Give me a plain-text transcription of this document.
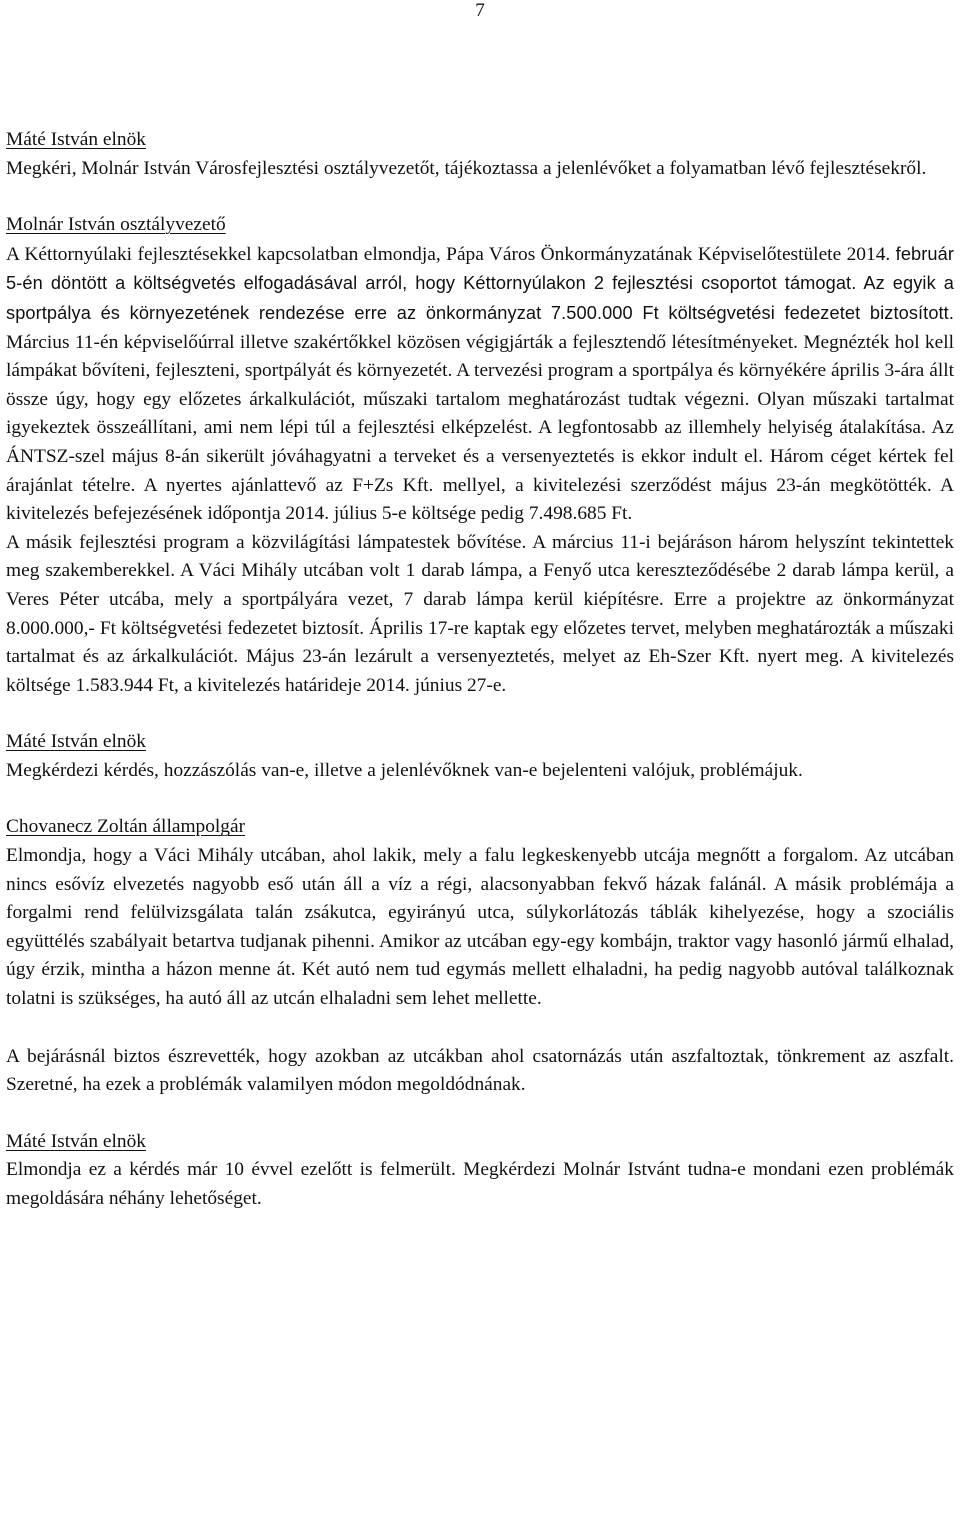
7
Máté István elnök

Megkéri, Molnár István Városfejlesztési osztályvezetőt, tájékoztassa a jelenlévőket a folyamatban lévő fejlesztésekről.

Molnár István osztályvezető

A Kéttornyúlaki fejlesztésekkel kapcsolatban elmondja, Pápa Város Önkormányzatának Képviselőtestülete 2014. február 5-én döntött a költségvetés elfogadásával arról, hogy Kéttornyúlakon 2 fejlesztési csoportot támogat. Az egyik a sportpálya és környezetének rendezése erre az önkormányzat 7.500.000 Ft költségvetési fedezetet biztosított. Március 11-én képviselőúrral illetve szakértőkkel közösen végigjárták a fejlesztendő létesítményeket. Megnézték hol kell lámpákat bővíteni, fejleszteni, sportpályát és környezetét. A tervezési program a sportpálya és környékére április 3-ára állt össze úgy, hogy egy előzetes árkalkulációt, műszaki tartalom meghatározást tudtak végezni. Olyan műszaki tartalmat igyekeztek összeállítani, ami nem lépi túl a fejlesztési elképzelést. A legfontosabb az illemhely helyiség átalakítása. Az ÁNTSZ-szel május 8-án sikerült jóváhagyatni a terveket és a versenyeztetés is ekkor indult el. Három céget kértek fel árajánlat tételre. A nyertes ajánlattevő az F+Zs Kft. mellyel, a kivitelezési szerződést május 23-án megkötötték. A kivitelezés befejezésének időpontja 2014. július 5-e költsége pedig 7.498.685 Ft.

A másik fejlesztési program a közvilágítási lámpatestek bővítése. A március 11-i bejáráson három helyszínt tekintettek meg szakemberekkel. A Váci Mihály utcában volt 1 darab lámpa, a Fenyő utca kereszteződésébe 2 darab lámpa kerül, a Veres Péter utcába, mely a sportpályára vezet, 7 darab lámpa kerül kiépítésre. Erre a projektre az önkormányzat 8.000.000,- Ft költségvetési fedezetet biztosít. Április 17-re kaptak egy előzetes tervet, melyben meghatározták a műszaki tartalmat és az árkalkulációt. Május 23-án lezárult a versenyeztetés, melyet az Eh-Szer Kft. nyert meg. A kivitelezés költsége 1.583.944 Ft, a kivitelezés határideje 2014. június 27-e.

Máté István elnök

Megkérdezi kérdés, hozzászólás van-e, illetve a jelenlévőknek van-e bejelenteni valójuk, problémájuk.

Chovanecz Zoltán állampolgár

Elmondja, hogy a Váci Mihály utcában, ahol lakik, mely a falu legkeskenyebb utcája megnőtt a forgalom. Az utcában nincs esővíz elvezetés nagyobb eső után áll a víz a régi, alacsonyabban fekvő házak falánál. A másik problémája a forgalmi rend felülvizsgálata talán zsákutca, egyirányú utca, súlykorlátozás táblák kihelyezése, hogy a szociális együttélés szabályait betartva tudjanak pihenni. Amikor az utcában egy-egy kombájn, traktor vagy hasonló jármű elhalad, úgy érzik, mintha a házon menne át. Két autó nem tud egymás mellett elhaladni, ha pedig nagyobb autóval találkoznak tolatni is szükséges, ha autó áll az utcán elhaladni sem lehet mellette.

A bejárásnál biztos észrevették, hogy azokban az utcákban ahol csatornázás után aszfaltoztak, tönkrement az aszfalt. Szeretné, ha ezek a problémák valamilyen módon megoldódnának.

Máté István elnök

Elmondja ez a kérdés már 10 évvel ezelőtt is felmerült. Megkérdezi Molnár Istvánt tudna-e mondani ezen problémák megoldására néhány lehetőséget.
